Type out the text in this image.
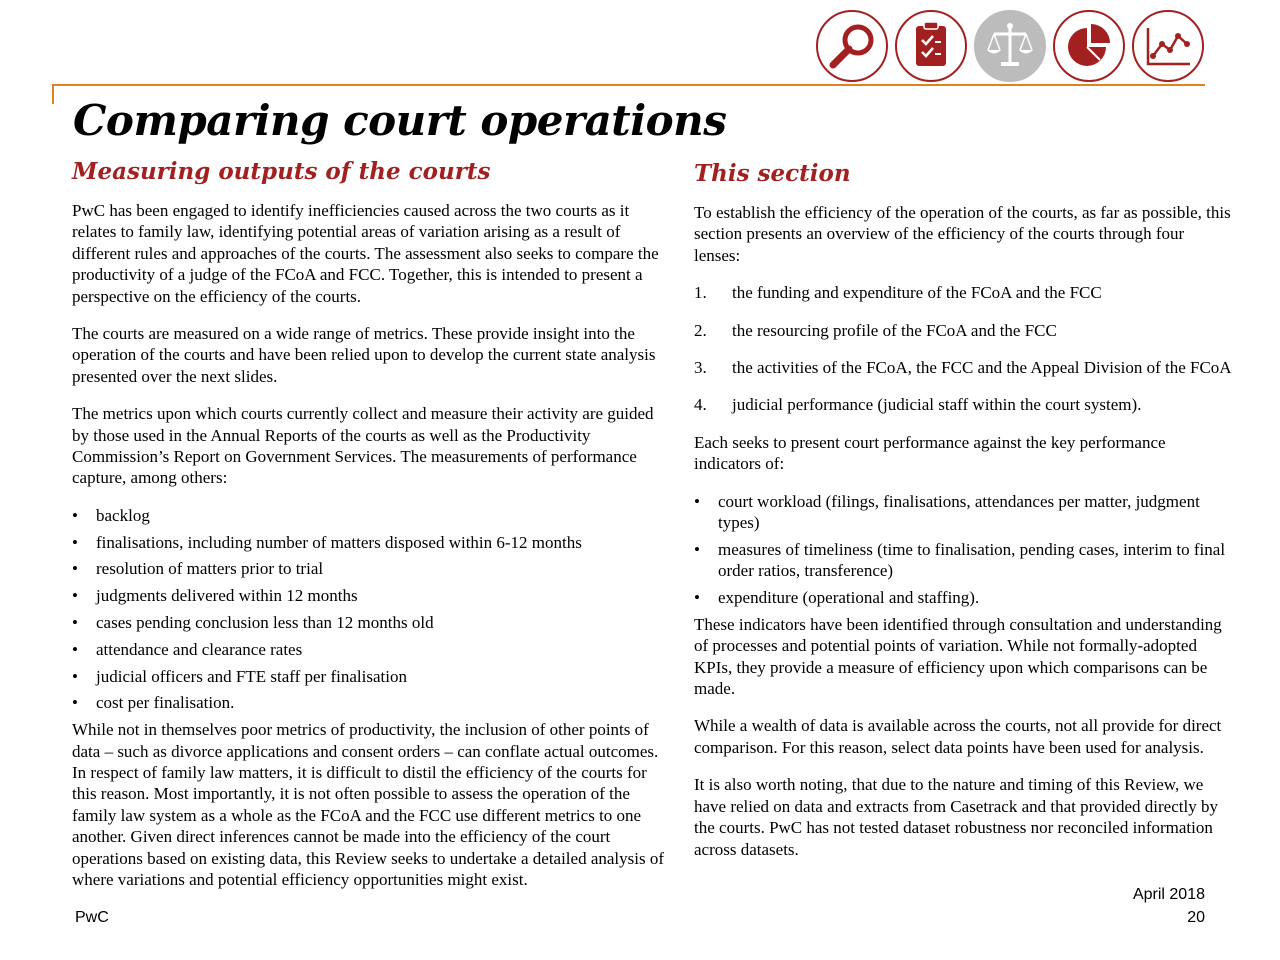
Comparing court operations
Measuring outputs of the courts

PwC has been engaged to identify inefficiencies caused across the two courts as it relates to family law, identifying potential areas of variation arising as a result of different rules and approaches of the courts. The assessment also seeks to compare the productivity of a judge of the FCoA and FCC. Together, this is intended to present a perspective on the efficiency of the courts.

The courts are measured on a wide range of metrics. These provide insight into the operation of the courts and have been relied upon to develop the current state analysis presented over the next slides.

The metrics upon which courts currently collect and measure their activity are guided by those used in the Annual Reports of the courts as well as the Productivity Commission’s Report on Government Services. The measurements of performance capture, among others:

• backlog
• finalisations, including number of matters disposed within 6-12 months
• resolution of matters prior to trial
• judgments delivered within 12 months
• cases pending conclusion less than 12 months old
• attendance and clearance rates
• judicial officers and FTE staff per finalisation
• cost per finalisation.

While not in themselves poor metrics of productivity, the inclusion of other points of data – such as divorce applications and consent orders – can conflate actual outcomes. In respect of family law matters, it is difficult to distil the efficiency of the courts for this reason. Most importantly, it is not often possible to assess the operation of the family law system as a whole as the FCoA and the FCC use different metrics to one another. Given direct inferences cannot be made into the efficiency of the court operations based on existing data, this Review seeks to undertake a detailed analysis of where variations and potential efficiency opportunities might exist.

This section

To establish the efficiency of the operation of the courts, as far as possible, this section presents an overview of the efficiency of the courts through four lenses:

1. the funding and expenditure of the FCoA and the FCC
2. the resourcing profile of the FCoA and the FCC
3. the activities of the FCoA, the FCC and the Appeal Division of the FCoA
4. judicial performance (judicial staff within the court system).

Each seeks to present court performance against the key performance indicators of:

• court workload (filings, finalisations, attendances per matter, judgment types)
• measures of timeliness (time to finalisation, pending cases, interim to final order ratios, transference)
• expenditure (operational and staffing).

These indicators have been identified through consultation and understanding of processes and potential points of variation. While not formally-adopted KPIs, they provide a measure of efficiency upon which comparisons can be made.

While a wealth of data is available across the courts, not all provide for direct comparison. For this reason, select data points have been used for analysis.

It is also worth noting, that due to the nature and timing of this Review, we have relied on data and extracts from Casetrack and that provided directly by the courts. PwC has not tested dataset robustness nor reconciled information across datasets.

PwC
April 2018
20
